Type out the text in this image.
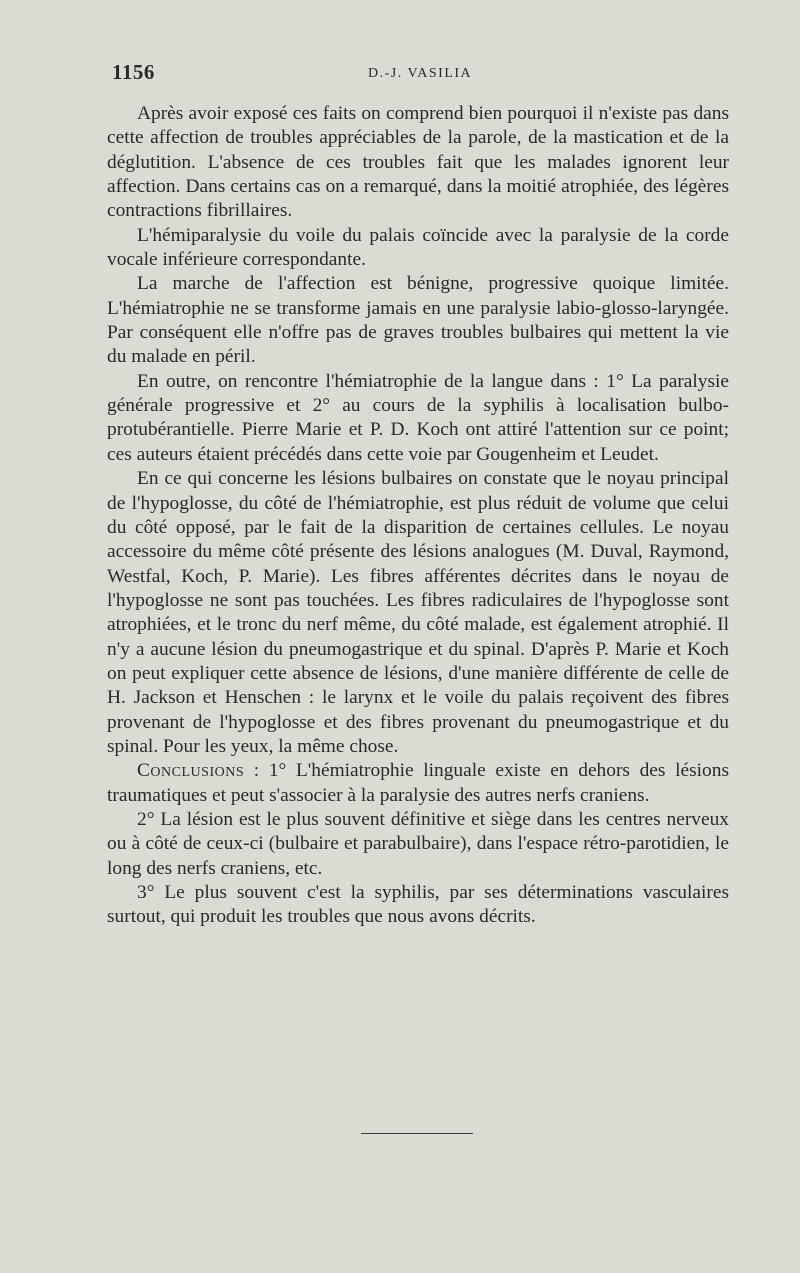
1156	D.-J. VASILIA

Après avoir exposé ces faits on comprend bien pourquoi il n'existe pas dans cette affection de troubles appréciables de la parole, de la mastication et de la déglutition. L'absence de ces troubles fait que les malades ignorent leur affection. Dans certains cas on a remarqué, dans la moitié atrophiée, des légères contractions fibrillaires.

L'hémiparalysie du voile du palais coïncide avec la paralysie de la corde vocale inférieure correspondante.

La marche de l'affection est bénigne, progressive quoique limitée. L'hémiatrophie ne se transforme jamais en une paralysie labio-glosso-laryngée. Par conséquent elle n'offre pas de graves troubles bulbaires qui mettent la vie du malade en péril.

En outre, on rencontre l'hémiatrophie de la langue dans : 1° La paralysie générale progressive et 2° au cours de la syphilis à localisation bulbo-protubérantielle. Pierre Marie et P. D. Koch ont attiré l'attention sur ce point; ces auteurs étaient précédés dans cette voie par Gougenheim et Leudet.

En ce qui concerne les lésions bulbaires on constate que le noyau principal de l'hypoglosse, du côté de l'hémiatrophie, est plus réduit de volume que celui du côté opposé, par le fait de la disparition de certaines cellules. Le noyau accessoire du même côté présente des lésions analogues (M. Duval, Raymond, Westfal, Koch, P. Marie). Les fibres afférentes décrites dans le noyau de l'hypoglosse ne sont pas touchées. Les fibres radiculaires de l'hypoglosse sont atrophiées, et le tronc du nerf même, du côté malade, est également atrophié. Il n'y a aucune lésion du pneumogastrique et du spinal. D'après P. Marie et Koch on peut expliquer cette absence de lésions, d'une manière différente de celle de H. Jackson et Henschen : le larynx et le voile du palais reçoivent des fibres provenant de l'hypoglosse et des fibres provenant du pneumogastrique et du spinal. Pour les yeux, la même chose.

Conclusions : 1° L'hémiatrophie linguale existe en dehors des lésions traumatiques et peut s'associer à la paralysie des autres nerfs craniens.

2° La lésion est le plus souvent définitive et siège dans les centres nerveux ou à côté de ceux-ci (bulbaire et parabulbaire), dans l'espace rétro-parotidien, le long des nerfs craniens, etc.

3° Le plus souvent c'est la syphilis, par ses déterminations vasculaires surtout, qui produit les troubles que nous avons décrits.
